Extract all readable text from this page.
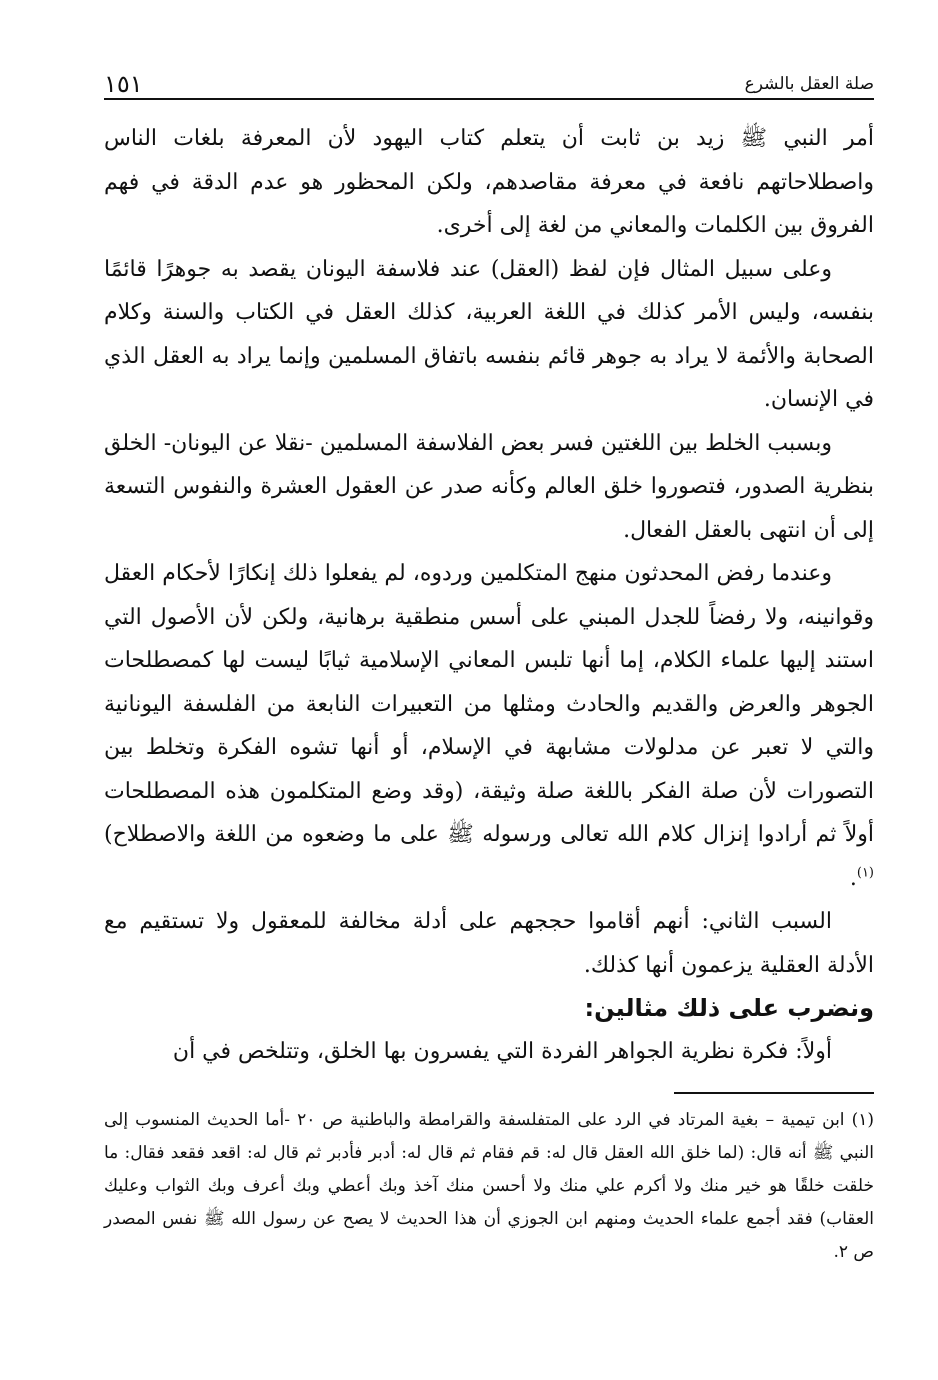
صلة العقل بالشرع
١٥١

أمر النبي ﷺ زيد بن ثابت أن يتعلم كتاب اليهود لأن المعرفة بلغات الناس واصطلاحاتهم نافعة في معرفة مقاصدهم، ولكن المحظور هو عدم الدقة في فهم الفروق بين الكلمات والمعاني من لغة إلى أخرى.

وعلى سبيل المثال فإن لفظ (العقل) عند فلاسفة اليونان يقصد به جوهرًا قائمًا بنفسه، وليس الأمر كذلك في اللغة العربية، كذلك العقل في الكتاب والسنة وكلام الصحابة والأئمة لا يراد به جوهر قائم بنفسه باتفاق المسلمين وإنما يراد به العقل الذي في الإنسان.

وبسبب الخلط بين اللغتين فسر بعض الفلاسفة المسلمين -نقلا عن اليونان- الخلق بنظرية الصدور، فتصوروا خلق العالم وكأنه صدر عن العقول العشرة والنفوس التسعة إلى أن انتهى بالعقل الفعال.

وعندما رفض المحدثون منهج المتكلمين وردوه، لم يفعلوا ذلك إنكارًا لأحكام العقل وقوانينه، ولا رفضاً للجدل المبني على أسس منطقية برهانية، ولكن لأن الأصول التي استند إليها علماء الكلام، إما أنها تلبس المعاني الإسلامية ثيابًا ليست لها كمصطلحات الجوهر والعرض والقديم والحادث ومثلها من التعبيرات النابعة من الفلسفة اليونانية والتي لا تعبر عن مدلولات مشابهة في الإسلام، أو أنها تشوه الفكرة وتخلط بين التصورات لأن صلة الفكر باللغة صلة وثيقة، (وقد وضع المتكلمون هذه المصطلحات أولاً ثم أرادوا إنزال كلام الله تعالى ورسوله ﷺ على ما وضعوه من اللغة والاصطلاح)$^{(١)}$.

السبب الثاني: أنهم أقاموا حججهم على أدلة مخالفة للمعقول ولا تستقيم مع الأدلة العقلية يزعمون أنها كذلك.

ونضرب على ذلك مثالين:

أولاً: فكرة نظرية الجواهر الفردة التي يفسرون بها الخلق، وتتلخص في أن

(١) ابن تيمية – بغية المرتاد في الرد على المتفلسفة والقرامطة والباطنية ص ٢٠ -أما الحديث المنسوب إلى النبي ﷺ أنه قال: (لما خلق الله العقل قال له: قم فقام ثم قال له: أدبر فأدبر ثم قال له: اقعد فقعد فقال: ما خلقت خلقًا هو خير منك ولا أكرم علي منك ولا أحسن منك آخذ وبك أعطي وبك أعرف وبك الثواب وعليك العقاب) فقد أجمع علماء الحديث ومنهم ابن الجوزي أن هذا الحديث لا يصح عن رسول الله ﷺ نفس المصدر ص ٢.
